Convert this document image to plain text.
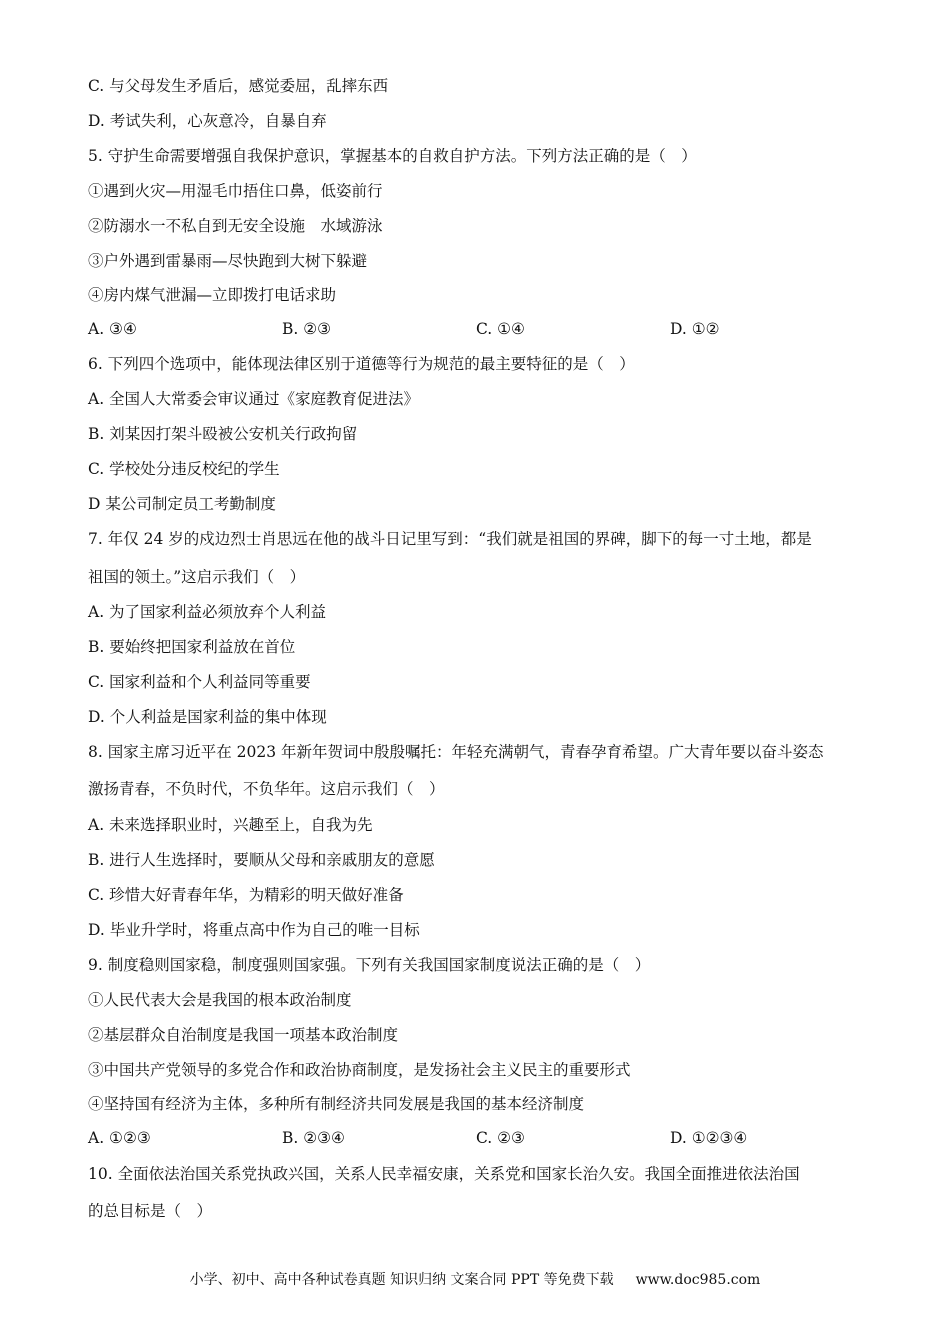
C. 与父母发生矛盾后，感觉委屈，乱摔东西
D. 考试失利，心灰意冷，自暴自弃
5. 守护生命需要增强自我保护意识，掌握基本的自救自护方法。下列方法正确的是（　）
①遇到火灾—用湿毛巾捂住口鼻，低姿前行
②防溺水一不私自到无安全设施　水域游泳
③户外遇到雷暴雨—尽快跑到大树下躲避
④房内煤气泄漏—立即拨打电话求助
A. ③④	B. ②③	C. ①④	D. ①②
6. 下列四个选项中，能体现法律区别于道德等行为规范的最主要特征的是（　）
A. 全国人大常委会审议通过《家庭教育促进法》
B. 刘某因打架斗殴被公安机关行政拘留
C. 学校处分违反校纪的学生
D 某公司制定员工考勤制度
7. 年仅 24 岁的戍边烈士肖思远在他的战斗日记里写到：“我们就是祖国的界碑，脚下的每一寸土地，都是
祖国的领土。”这启示我们（　）
A. 为了国家利益必须放弃个人利益
B. 要始终把国家利益放在首位
C. 国家利益和个人利益同等重要
D. 个人利益是国家利益的集中体现
8. 国家主席习近平在 2023 年新年贺词中殷殷嘱托：年轻充满朝气，青春孕育希望。广大青年要以奋斗姿态
激扬青春，不负时代，不负华年。这启示我们（　）
A. 未来选择职业时，兴趣至上，自我为先
B. 进行人生选择时，要顺从父母和亲戚朋友的意愿
C. 珍惜大好青春年华，为精彩的明天做好准备
D. 毕业升学时，将重点高中作为自己的唯一目标
9. 制度稳则国家稳，制度强则国家强。下列有关我国国家制度说法正确的是（　）
①人民代表大会是我国的根本政治制度
②基层群众自治制度是我国一项基本政治制度
③中国共产党领导的多党合作和政治协商制度，是发扬社会主义民主的重要形式
④坚持国有经济为主体，多种所有制经济共同发展是我国的基本经济制度
A. ①②③	B. ②③④	C. ②③	D. ①②③④
10. 全面依法治国关系党执政兴国，关系人民幸福安康，关系党和国家长治久安。我国全面推进依法治国
的总目标是（　）
小学、初中、高中各种试卷真题 知识归纳 文案合同 PPT 等免费下载 www.doc985.com
